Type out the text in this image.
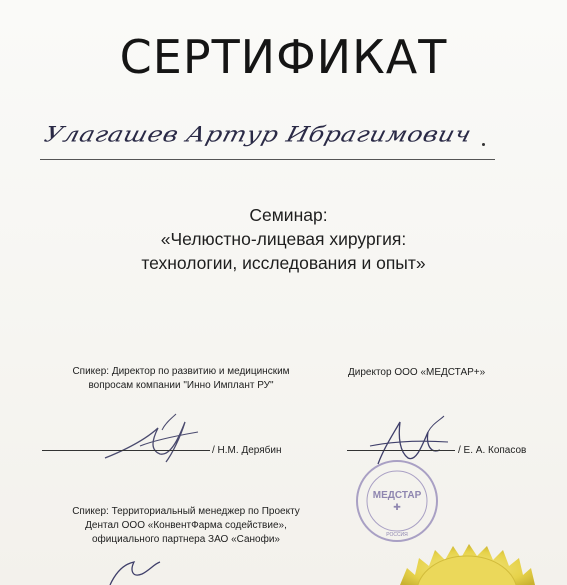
СЕРТИФИКАТ
Улагашев Артур Ибрагимович
Семинар:
«Челюстно-лицевая хирургия:
технологии, исследования и опыт»
Спикер: Директор по развитию и медицинским
вопросам компании "Инно Имплант РУ"
/ Н.М. Дерябин
Директор ООО «МЕДСТАР+»
МЕДСТАР
✚
РОССИЯ
/ Е. А. Копасов
Спикер: Территориальный менеджер по Проекту
Дентал ООО «КонвентФарма содействие»,
официального партнера ЗАО «Санофи»
